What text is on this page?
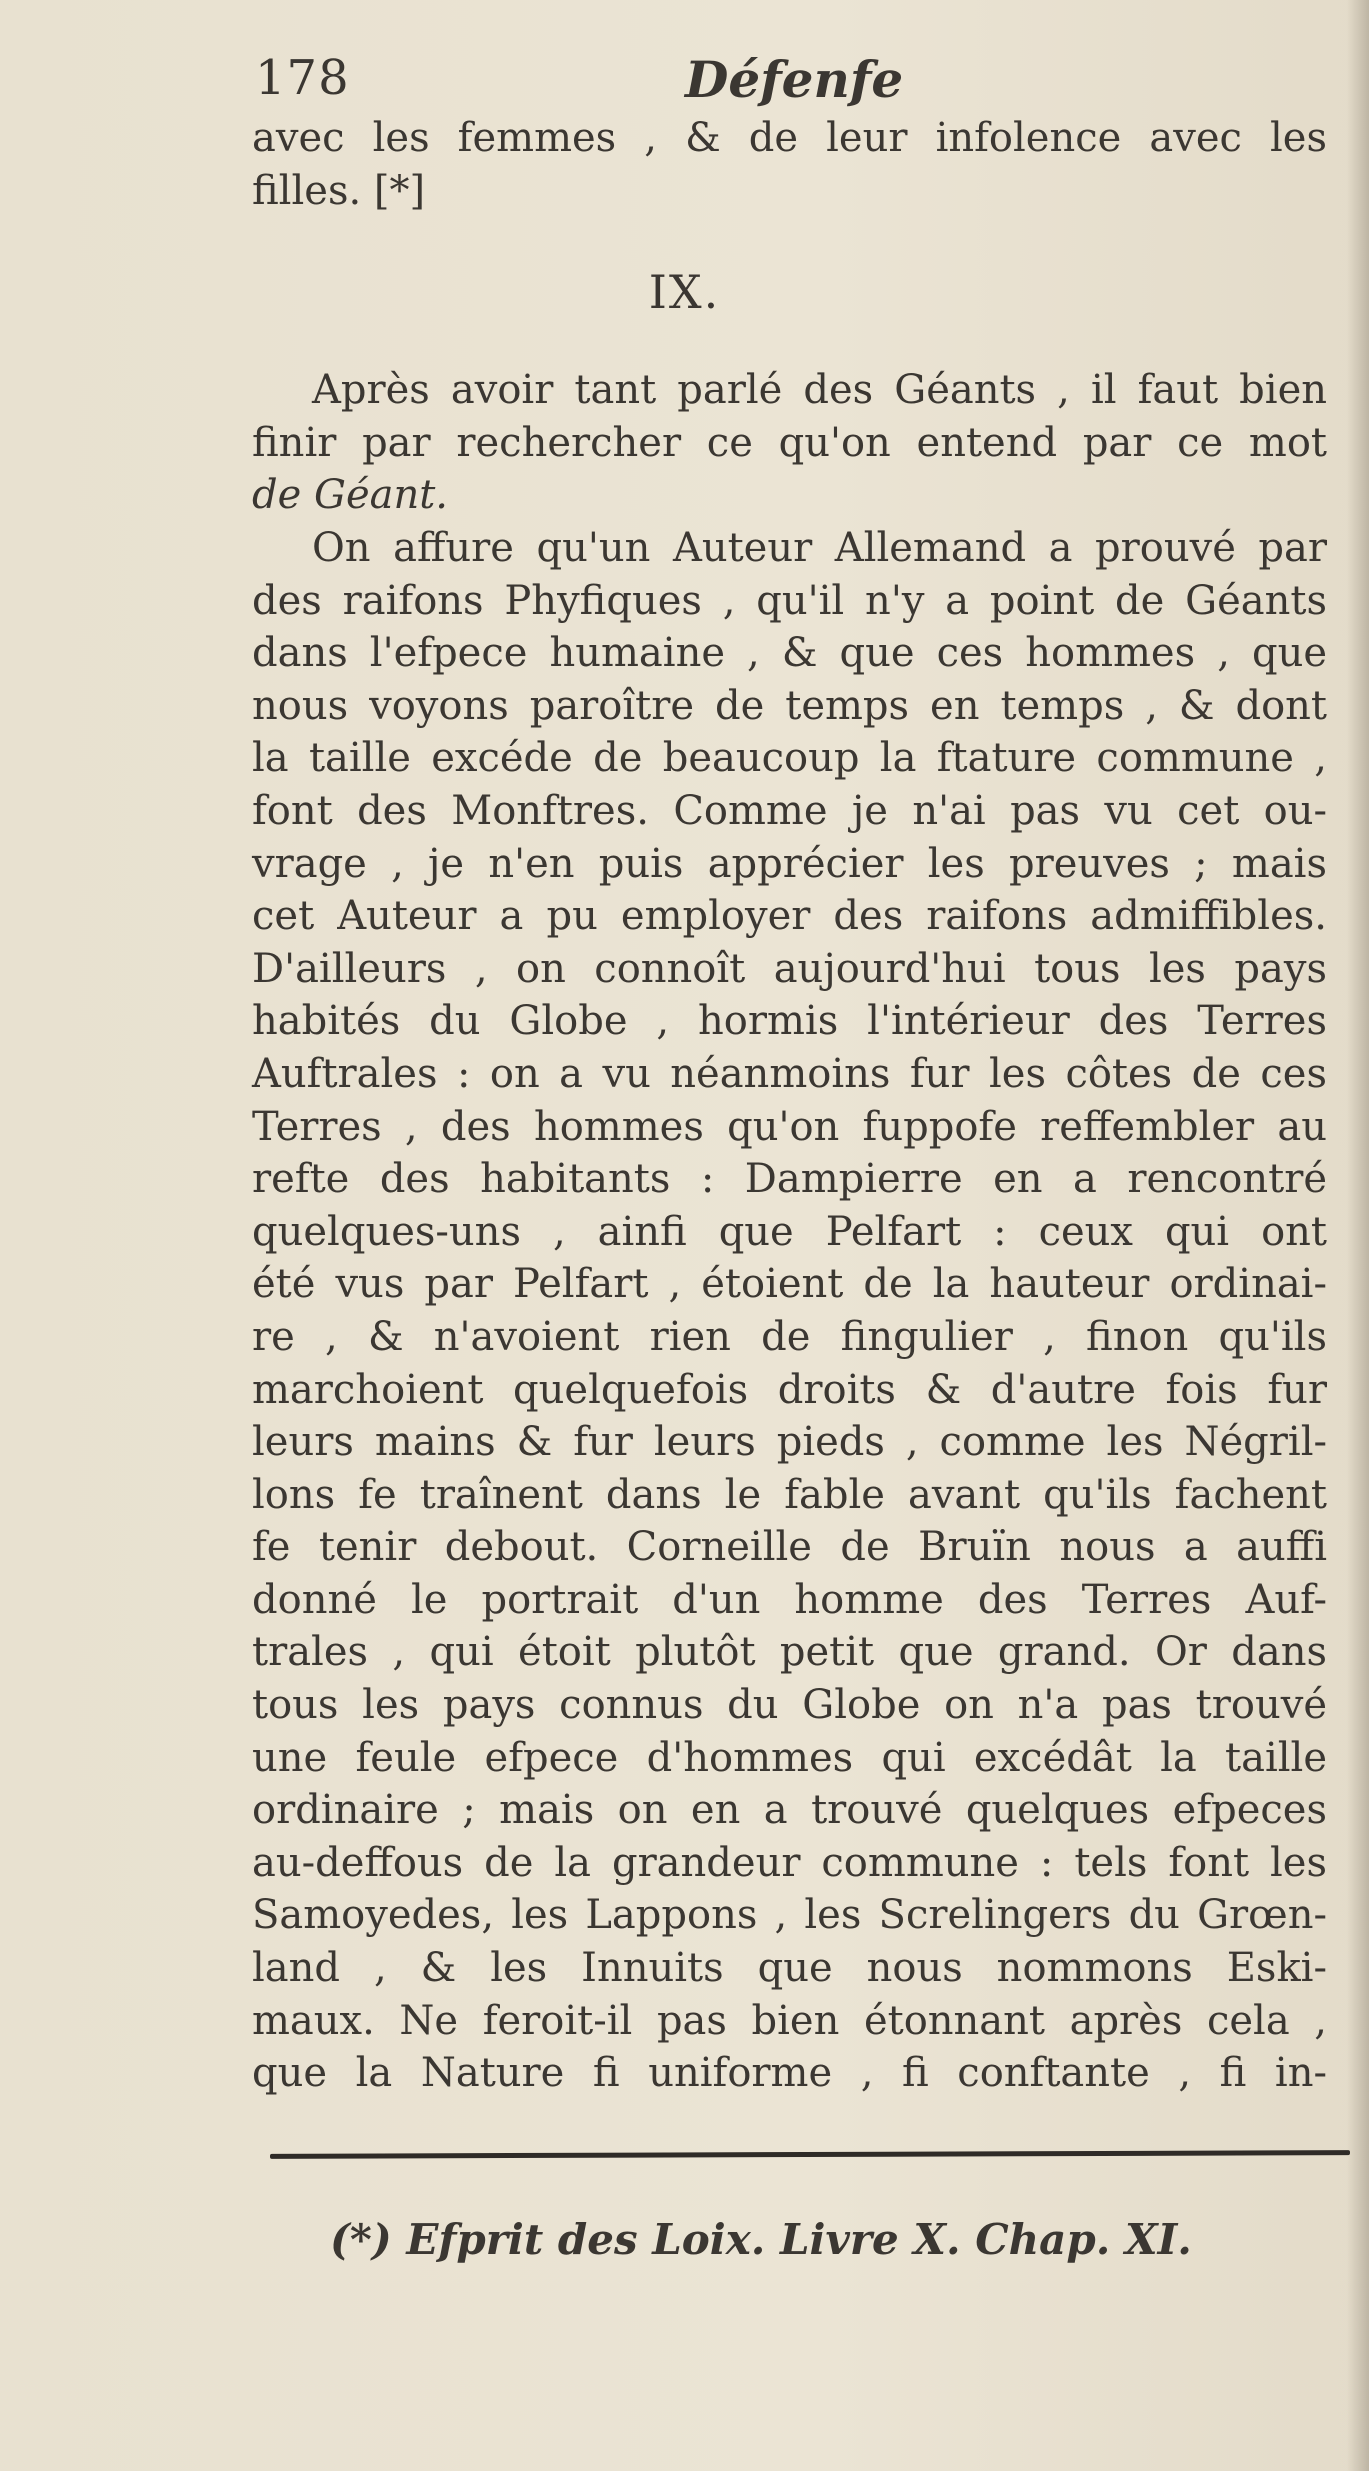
178	Défenfe
avec les femmes , & de leur infolence avec les
filles. [*]
IX.
Après avoir tant parlé des Géants , il faut bien
finir par rechercher ce qu'on entend par ce mot
de Géant.
On affure qu'un Auteur Allemand a prouvé par
des raifons Phyfiques , qu'il n'y a point de Géants
dans l'efpece humaine , & que ces hommes , que
nous voyons paroître de temps en temps , & dont
la taille excéde de beaucoup la ftature commune ,
font des Monftres. Comme je n'ai pas vu cet ou-
vrage , je n'en puis apprécier les preuves ; mais
cet Auteur a pu employer des raifons admiffibles.
D'ailleurs , on connoît aujourd'hui tous les pays
habités du Globe , hormis l'intérieur des Terres
Auftrales : on a vu néanmoins fur les côtes de ces
Terres , des hommes qu'on fuppofe reffembler au
refte des habitants : Dampierre en a rencontré
quelques-uns , ainfi que Pelfart : ceux qui ont
été vus par Pelfart , étoient de la hauteur ordinai-
re , & n'avoient rien de fingulier , finon qu'ils
marchoient quelquefois droits & d'autre fois fur
leurs mains & fur leurs pieds , comme les Négril-
lons fe traînent dans le fable avant qu'ils fachent
fe tenir debout. Corneille de Bruïn nous a auffi
donné le portrait d'un homme des Terres Auf-
trales , qui étoit plutôt petit que grand. Or dans
tous les pays connus du Globe on n'a pas trouvé
une feule efpece d'hommes qui excédât la taille
ordinaire ; mais on en a trouvé quelques efpeces
au-deffous de la grandeur commune : tels font les
Samoyedes, les Lappons , les Screlingers du Grœn-
land , & les Innuits que nous nommons Eski-
maux. Ne feroit-il pas bien étonnant après cela ,
que la Nature fi uniforme , fi conftante , fi in-
(*) Efprit des Loix. Livre X. Chap. XI.
